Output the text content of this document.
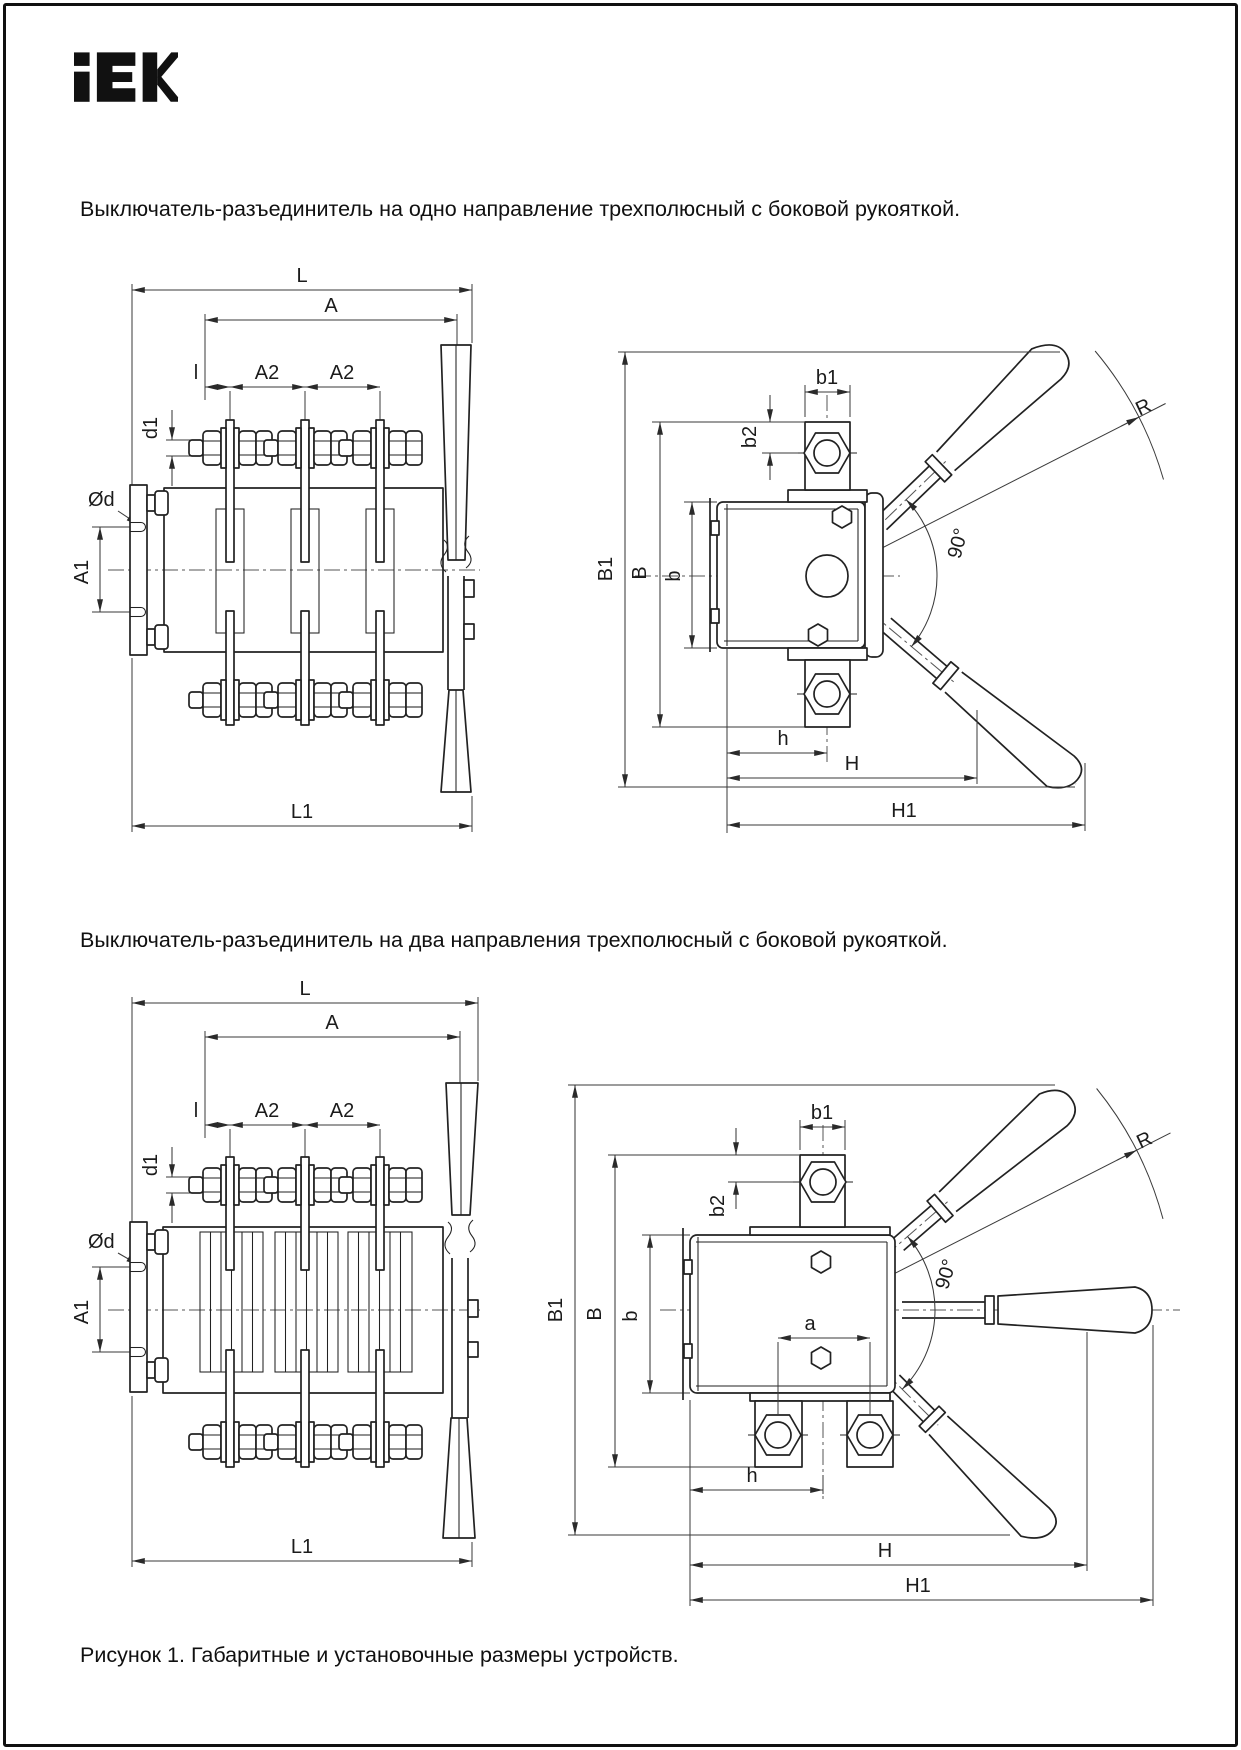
Выключатель-разъединитель на одно направление трехполюсный с боковой рукояткой.
L
A
l	A2	A2
d1
Ød
A1
L1
90°
R
B1 B b
b1
b2
h
H
H1
Выключатель-разъединитель на два направления трехполюсный с боковой рукояткой.
L
A
l	A2	A2
d1
Ød
A1
L1
90°
R
B1 B b
b1
b2
a
h
H
H1
Рисунок 1. Габаритные и установочные размеры устройств.
